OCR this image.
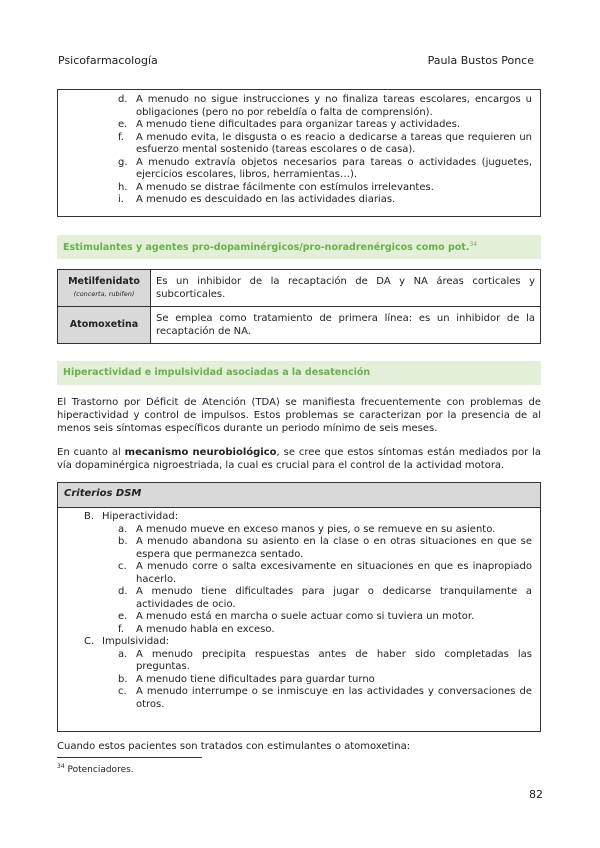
Psicofarmacología	Paula Bustos Ponce
d. A menudo no sigue instrucciones y no finaliza tareas escolares, encargos u obligaciones (pero no por rebeldía o falta de comprensión).
e. A menudo tiene dificultades para organizar tareas y actividades.
f.	A menudo evita, le disgusta o es reacio a dedicarse a tareas que requieren un esfuerzo mental sostenido (tareas escolares o de casa).
g. A menudo extravía objetos necesarios para tareas o actividades (juguetes, ejercicios escolares, libros, herramientas…).
h. A menudo se distrae fácilmente con estímulos irrelevantes.
i.	A menudo es descuidado en las actividades diarias.
Estimulantes y agentes pro-dopaminérgicos/pro-noradrenérgicos como pot.$^{34}$
Metilfenidato
(concerta, rubifen)	Es un inhibidor de la recaptación de DA y NA áreas corticales y subcorticales.
Atomoxetina	Se emplea como tratamiento de primera línea: es un inhibidor de la recaptación de NA.
Hiperactividad e impulsividad asociadas a la desatención
El Trastorno por Déficit de Atención (TDA) se manifiesta frecuentemente con problemas de hiperactividad y control de impulsos. Estos problemas se caracterizan por la presencia de al menos seis síntomas específicos durante un periodo mínimo de seis meses.
En cuanto al mecanismo neurobiológico, se cree que estos síntomas están mediados por la vía dopaminérgica nigroestriada, la cual es crucial para el control de la actividad motora.
Criterios DSM
B. Hiperactividad:
a. A menudo mueve en exceso manos y pies, o se remueve en su asiento.
b. A menudo abandona su asiento en la clase o en otras situaciones en que se espera que permanezca sentado.
c. A menudo corre o salta excesivamente en situaciones en que es inapropiado hacerlo.
d. A menudo tiene dificultades para jugar o dedicarse tranquilamente a actividades de ocio.
e. A menudo está en marcha o suele actuar como si tuviera un motor.
f.	A menudo habla en exceso.
C. Impulsividad:
a. A menudo precipita respuestas antes de haber sido completadas las preguntas.
b. A menudo tiene dificultades para guardar turno
c. A menudo interrumpe o se inmiscuye en las actividades y conversaciones de otros.
Cuando estos pacientes son tratados con estimulantes o atomoxetina:
$^{34}$ Potenciadores.
82
